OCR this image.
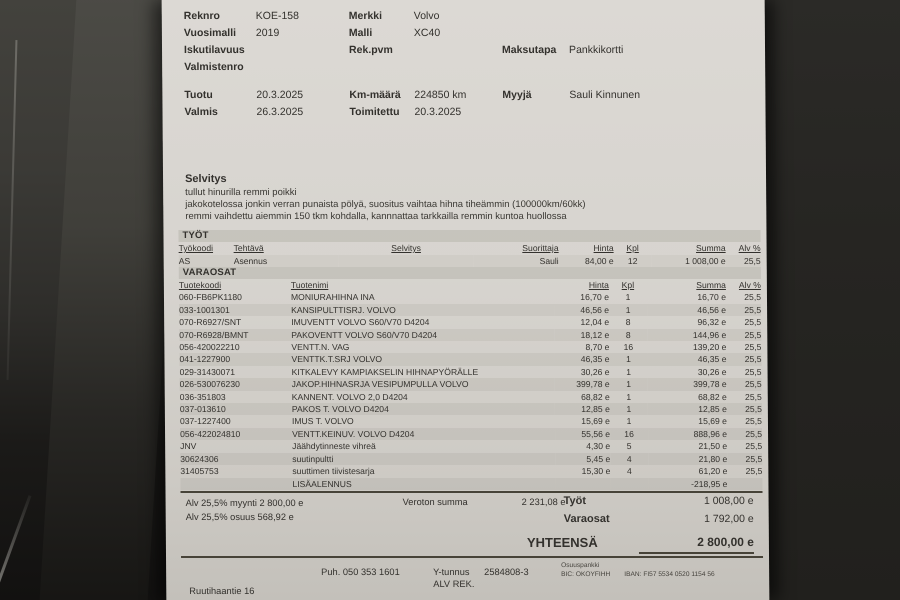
Reknro	KOE-158	Merkki	Volvo
Vuosimalli	2019	Malli	XC40
Iskutilavuus	Rek.pvm	Maksutapa	Pankkikortti
Valmistenro
Tuotu	20.3.2025	Km-määrä	224850 km	Myyjä	Sauli Kinnunen
Valmis	26.3.2025	Toimitettu	20.3.2025
Selvitys
tullut hinurilla remmi poikki
jakokotelossa jonkin verran punaista pölyä, suositus vaihtaa hihna tiheämmin (100000km/60kk)
remmi vaihdettu aiemmin 150 tkm kohdalla, kannnattaa tarkkailla remmin kuntoa huollossa
TYÖT
Työkoodi	Tehtävä	Selvitys	Suorittaja	Hinta	Kpl	Summa	Alv %
AS	Asennus		Sauli	84,00 e	12	1 008,00 e	25,5
VARAOSAT
Tuotekoodi	Tuotenimi	Hinta	Kpl	Summa	Alv %
060-FB6PK1180	MONIURAHIHNA INA	16,70 e	1	16,70 e	25,5
033-1001301	KANSIPULTTISRJ. VOLVO	46,56 e	1	46,56 e	25,5
070-R6927/SNT	IMUVENTT VOLVO S60/V70 D4204	12,04 e	8	96,32 e	25,5
070-R6928/BMNT	PAKOVENTT VOLVO S60/V70 D4204	18,12 e	8	144,96 e	25,5
056-420022210	VENTT.N. VAG	8,70 e	16	139,20 e	25,5
041-1227900	VENTTK.T.SRJ VOLVO	46,35 e	1	46,35 e	25,5
029-31430071	KITKALEVY KAMPIAKSELIN HIHNAPYÖRÄLLE	30,26 e	1	30,26 e	25,5
026-530076230	JAKOP.HIHNASRJA VESIPUMPULLA VOLVO	399,78 e	1	399,78 e	25,5
036-351803	KANNENT. VOLVO 2,0 D4204	68,82 e	1	68,82 e	25,5
037-013610	PAKOS T. VOLVO D4204	12,85 e	1	12,85 e	25,5
037-1227400	IMUS T. VOLVO	15,69 e	1	15,69 e	25,5
056-422024810	VENTT.KEINUV. VOLVO D4204	55,56 e	16	888,96 e	25,5
JNV	Jäähdytinneste vihreä	4,30 e	5	21,50 e	25,5
30624306	suutinpultti	5,45 e	4	21,80 e	25,5
31405753	suuttimen tiivistesarja	15,30 e	4	61,20 e	25,5
	LISÄALENNUS			-218,95 e	
Alv 25,5% myynti 2 800,00 e
Alv 25,5% osuus 568,92 e
Veroton summa	2 231,08 e
Työt	1 008,00 e
Varaosat	1 792,00 e
YHTEENSÄ	2 800,00 e
Puh. 050 353 1601	Y-tunnus 2584808-3
ALV REK.
Osuuspankki
BIC: OKOYFIHH IBAN: FI57 5534 0520 1154 56
Ruutihaantie 16
